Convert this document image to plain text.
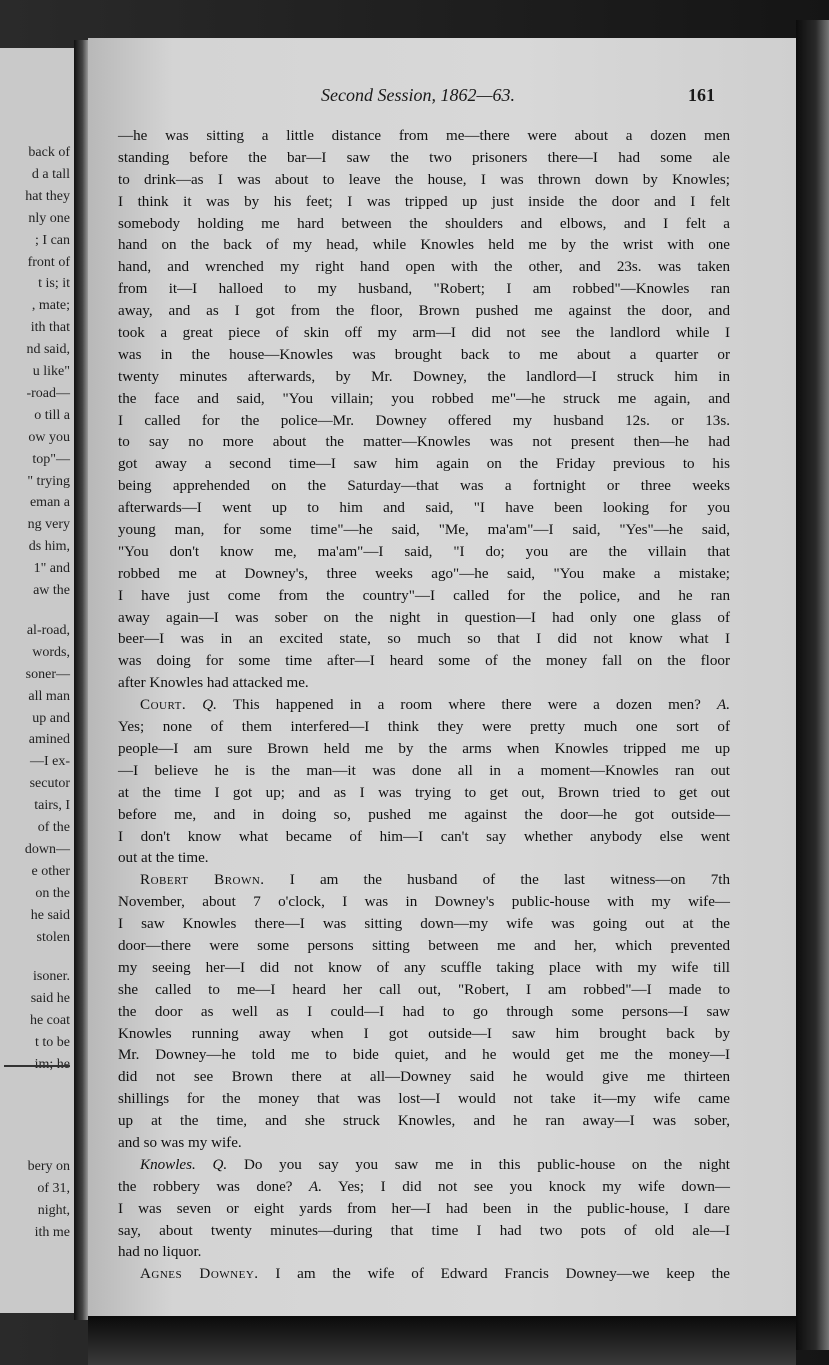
back of
d a tall
hat they
nly one
; I can
front of
t is; it
, mate;
ith that
nd said,
u like"
-road—
o till a
ow you
top"—
" trying
eman a
ng very
ds him,
1" and
aw the
al-road,
words,
soner—
all man
up and
amined
—I ex-
secutor
tairs, I
of the
down—
e other
on the
he said
stolen
isoner.
said he
he coat
t to be
bery on
of 31,
night,
ith me
Second Session, 1862—63.	161
—he was sitting a little distance from me—there were about a dozen men
standing before the bar—I saw the two prisoners there—I had some ale
to drink—as I was about to leave the house, I was thrown down by Knowles;
I think it was by his feet; I was tripped up just inside the door and I felt
somebody holding me hard between the shoulders and elbows, and I felt a
hand on the back of my head, while Knowles held me by the wrist with one
hand, and wrenched my right hand open with the other, and 23s. was taken
from it—I halloed to my husband, "Robert; I am robbed"—Knowles ran
away, and as I got from the floor, Brown pushed me against the door, and
took a great piece of skin off my arm—I did not see the landlord while I
was in the house—Knowles was brought back to me about a quarter or
twenty minutes afterwards, by Mr. Downey, the landlord—I struck him in
the face and said, "You villain; you robbed me"—he struck me again, and
I called for the police—Mr. Downey offered my husband 12s. or 13s.
to say no more about the matter—Knowles was not present then—he had
got away a second time—I saw him again on the Friday previous to his
being apprehended on the Saturday—that was a fortnight or three weeks
afterwards—I went up to him and said, "I have been looking for you
young man, for some time"—he said, "Me, ma'am"—I said, "Yes"—he said,
"You don't know me, ma'am"—I said, "I do; you are the villain that
robbed me at Downey's, three weeks ago"—he said, "You make a mistake;
I have just come from the country"—I called for the police, and he ran
away again—I was sober on the night in question—I had only one glass of
beer—I was in an excited state, so much so that I did not know what I
was doing for some time after—I heard some of the money fall on the floor
after Knowles had attacked me.
Court. Q. This happened in a room where there were a dozen men? A.
Yes; none of them interfered—I think they were pretty much one sort of
people—I am sure Brown held me by the arms when Knowles tripped me up
—I believe he is the man—it was done all in a moment—Knowles ran out
at the time I got up; and as I was trying to get out, Brown tried to get out
before me, and in doing so, pushed me against the door—he got outside—
I don't know what became of him—I can't say whether anybody else went
out at the time.
Robert Brown. I am the husband of the last witness—on 7th
November, about 7 o'clock, I was in Downey's public-house with my wife—
I saw Knowles there—I was sitting down—my wife was going out at the
door—there were some persons sitting between me and her, which prevented
my seeing her—I did not know of any scuffle taking place with my wife till
she called to me—I heard her call out, "Robert, I am robbed"—I made to
the door as well as I could—I had to go through some persons—I saw
Knowles running away when I got outside—I saw him brought back by
Mr. Downey—he told me to bide quiet, and he would get me the money—I
did not see Brown there at all—Downey said he would give me thirteen
shillings for the money that was lost—I would not take it—my wife came
up at the time, and she struck Knowles, and he ran away—I was sober,
and so was my wife.
Knowles. Q. Do you say you saw me in this public-house on the night
the robbery was done? A. Yes; I did not see you knock my wife down—
I was seven or eight yards from her—I had been in the public-house, I dare
say, about twenty minutes—during that time I had two pots of old ale—I
had no liquor.
Agnes Downey. I am the wife of Edward Francis Downey—we keep the
